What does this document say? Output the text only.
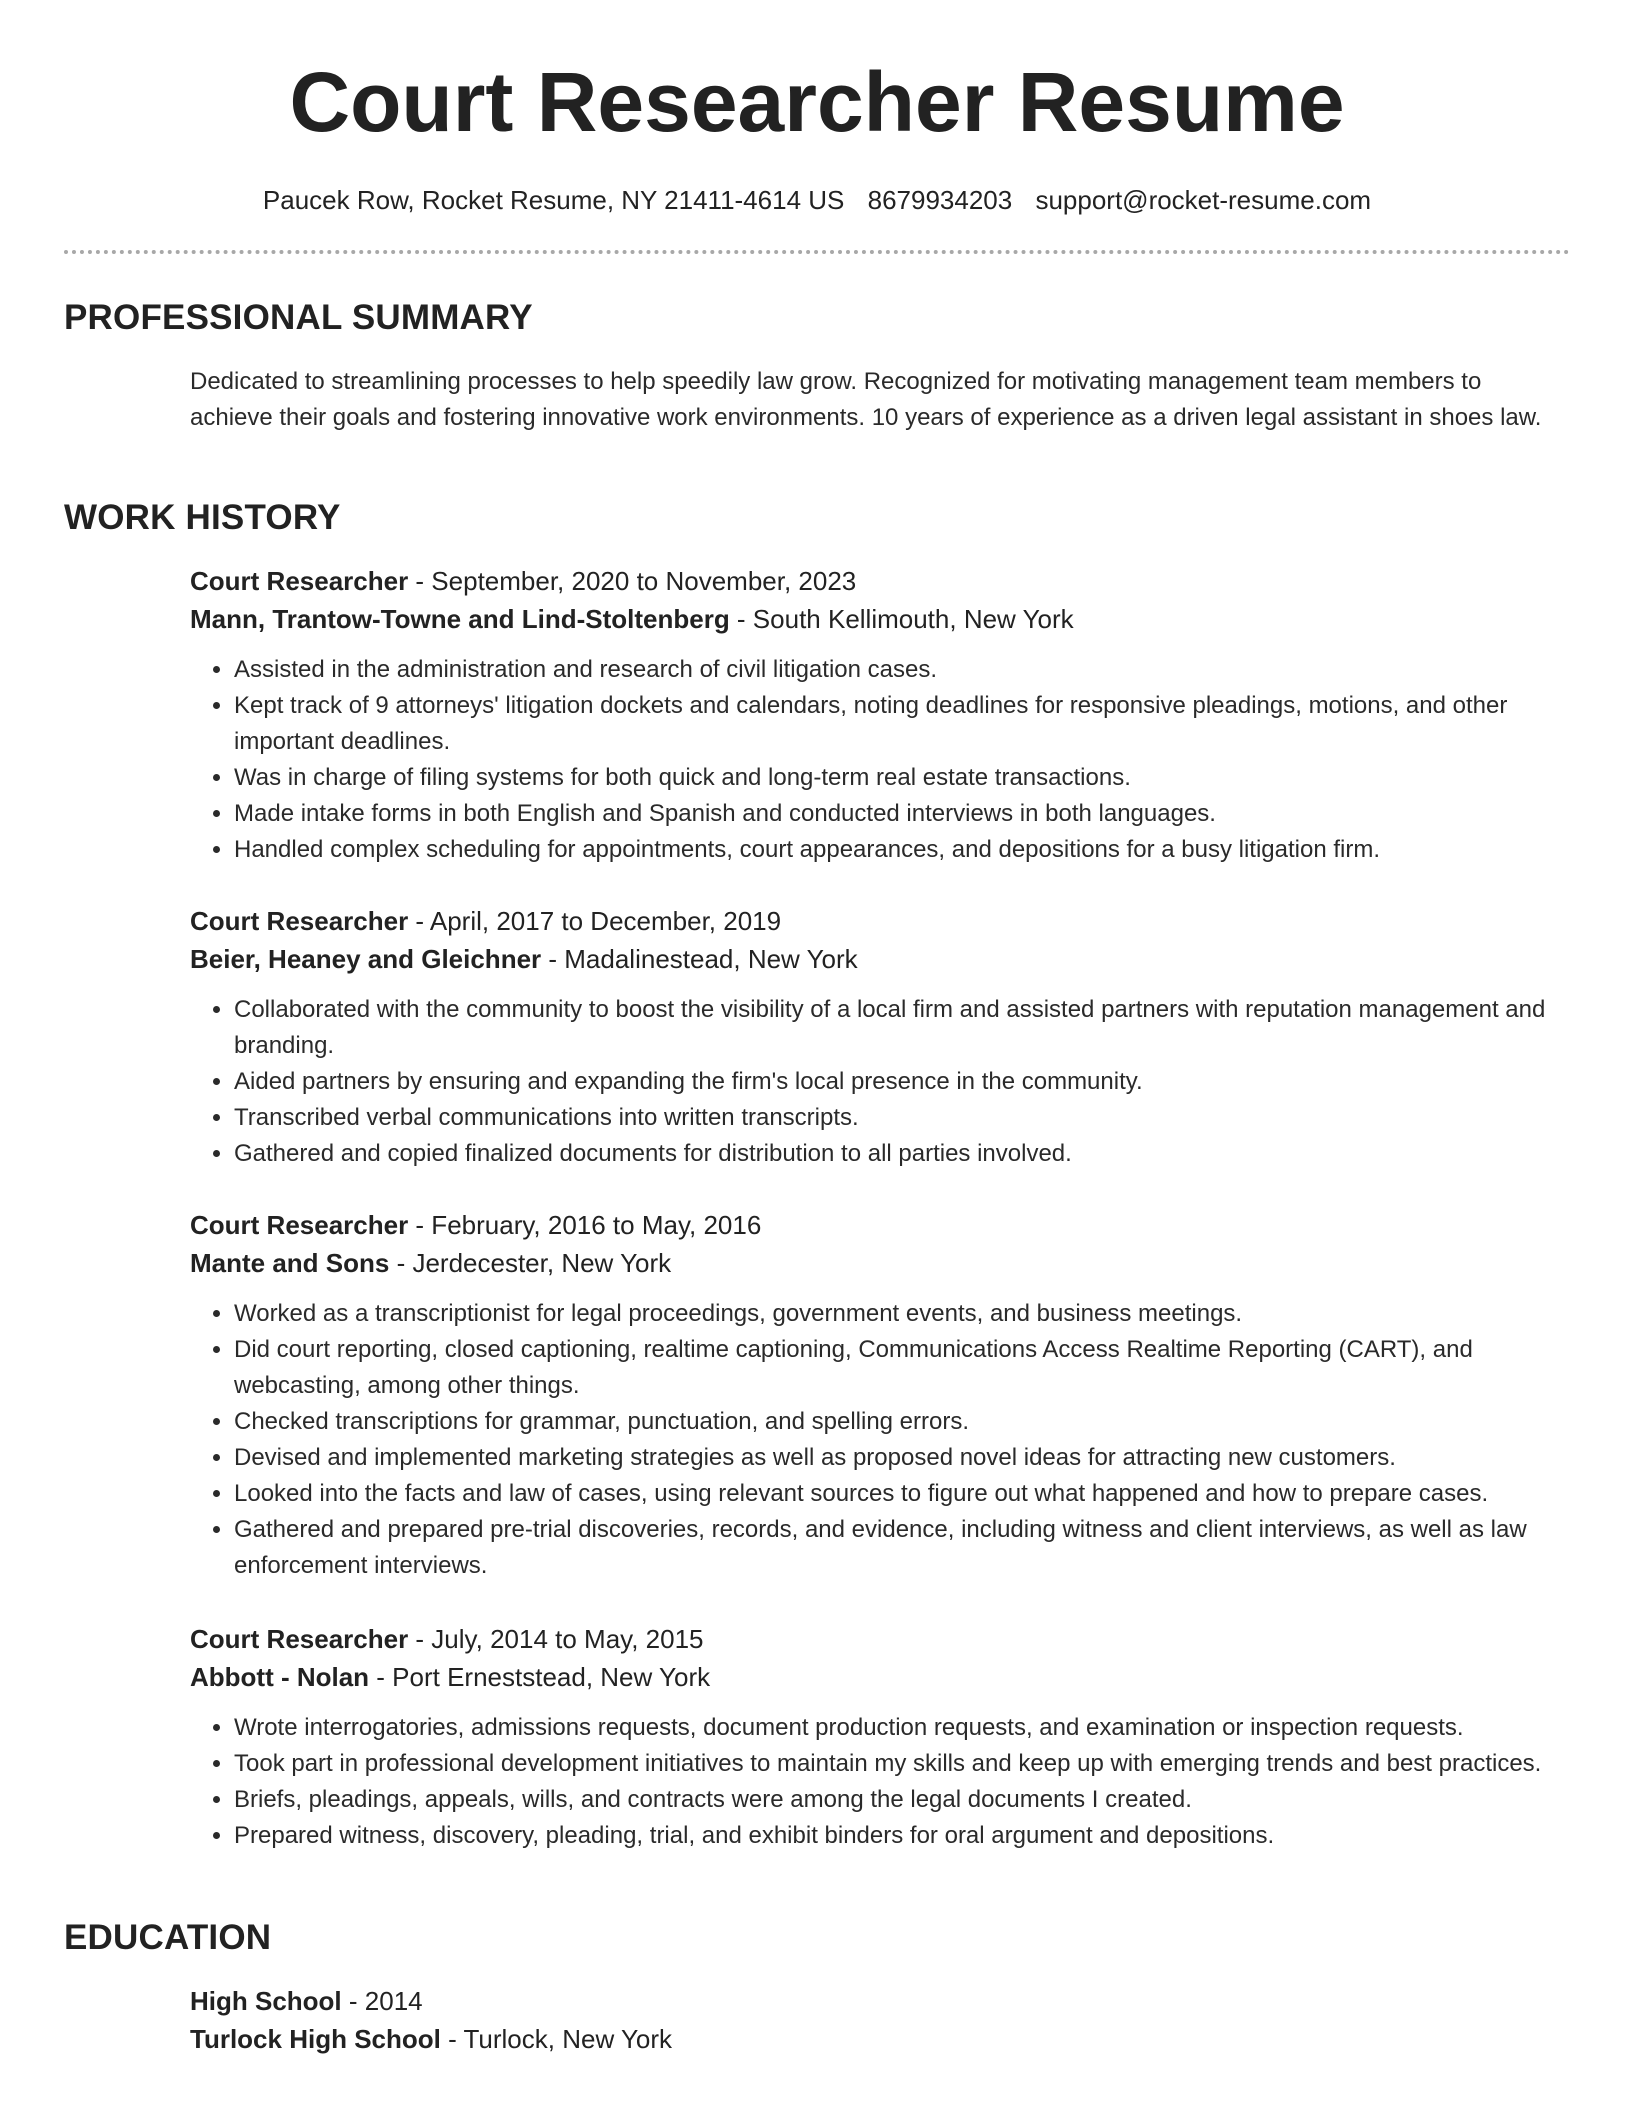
Court Researcher Resume
Paucek Row, Rocket Resume, NY 21411-4614 US 8679934203 support@rocket-resume.com
PROFESSIONAL SUMMARY

Dedicated to streamlining processes to help speedily law grow. Recognized for motivating management team members to achieve their goals and fostering innovative work environments. 10 years of experience as a driven legal assistant in shoes law.

WORK HISTORY

Court Researcher - September, 2020 to November, 2023

Mann, Trantow-Towne and Lind-Stoltenberg - South Kellimouth, New York

• Assisted in the administration and research of civil litigation cases.
• Kept track of 9 attorneys' litigation dockets and calendars, noting deadlines for responsive pleadings, motions, and other important deadlines.
• Was in charge of filing systems for both quick and long-term real estate transactions.
• Made intake forms in both English and Spanish and conducted interviews in both languages.
• Handled complex scheduling for appointments, court appearances, and depositions for a busy litigation firm.

Court Researcher - April, 2017 to December, 2019

Beier, Heaney and Gleichner - Madalinestead, New York

• Collaborated with the community to boost the visibility of a local firm and assisted partners with reputation management and branding.
• Aided partners by ensuring and expanding the firm's local presence in the community.
• Transcribed verbal communications into written transcripts.
• Gathered and copied finalized documents for distribution to all parties involved.

Court Researcher - February, 2016 to May, 2016

Mante and Sons - Jerdecester, New York

• Worked as a transcriptionist for legal proceedings, government events, and business meetings.
• Did court reporting, closed captioning, realtime captioning, Communications Access Realtime Reporting (CART), and webcasting, among other things.
• Checked transcriptions for grammar, punctuation, and spelling errors.
• Devised and implemented marketing strategies as well as proposed novel ideas for attracting new customers.
• Looked into the facts and law of cases, using relevant sources to figure out what happened and how to prepare cases.
• Gathered and prepared pre-trial discoveries, records, and evidence, including witness and client interviews, as well as law enforcement interviews.

Court Researcher - July, 2014 to May, 2015

Abbott - Nolan - Port Erneststead, New York

• Wrote interrogatories, admissions requests, document production requests, and examination or inspection requests.
• Took part in professional development initiatives to maintain my skills and keep up with emerging trends and best practices.
• Briefs, pleadings, appeals, wills, and contracts were among the legal documents I created.
• Prepared witness, discovery, pleading, trial, and exhibit binders for oral argument and depositions.
EDUCATION

High School - 2014

Turlock High School - Turlock, New York
